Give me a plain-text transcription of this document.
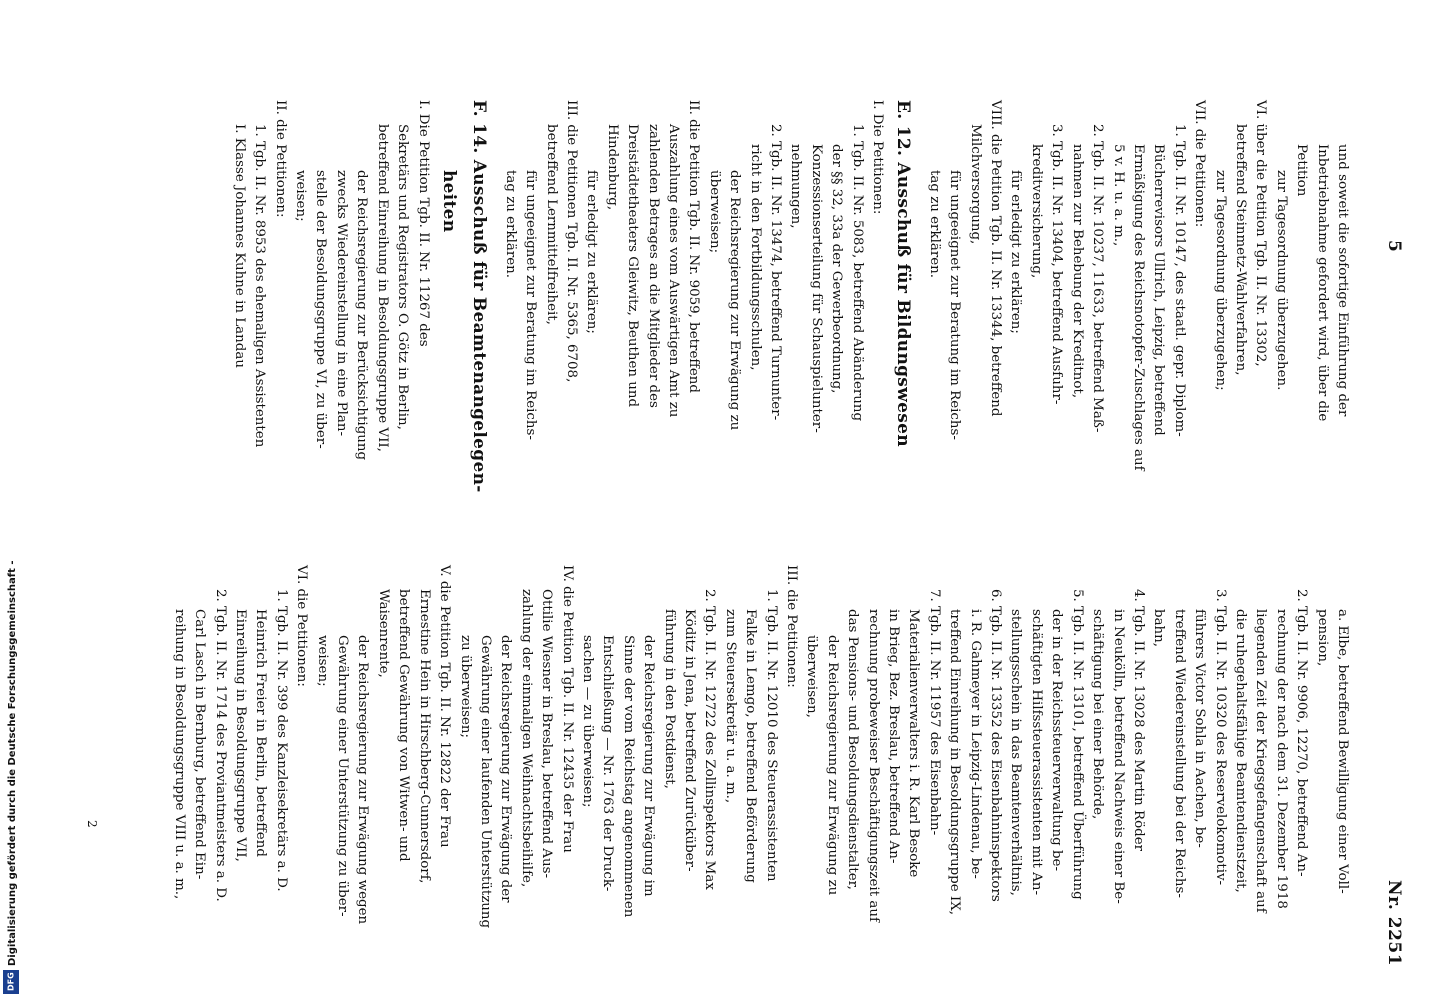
5
Nr. 2251
und soweit die sofortige Einführung der
Inbetriebnahme gefordert wird, über die
Petition
zur Tagesordnung überzugehen.
VI. über die Petition Tgb. II. Nr. 13302,
betreffend Steinmetz-Wahlverfahren,
zur Tagesordnung überzugehen;
VII. die Petitionen:
1. Tgb. II. Nr. 10147, des staatl. gepr. Diplom-
Bücherrevisors Ullrich, Leipzig, betreffend
Ermäßigung des Reichsnotopfer-Zuschlages auf
5 v. H. u. a. m.,
2. Tgb. II. Nr. 10237, 11633, betreffend Maß-
nahmen zur Behebung der Kreditnot,
3. Tgb. II. Nr. 13404, betreffend Ausfuhr-
kreditversicherung,
für erledigt zu erklären;
VIII. die Petition Tgb. II. Nr. 13344, betreffend
Milchversorgung,
für ungeeignet zur Beratung im Reichs-
tag zu erklären.
E. 12. Ausschuß für Bildungswesen
I. Die Petitionen:
1. Tgb. II. Nr. 5083, betreffend Abänderung
der §§ 32, 33a der Gewerbeordnung,
Konzessionserteilung für Schauspielunter-
nehmungen,
2. Tgb. II. Nr. 13474, betreffend Turnunter-
richt in den Fortbildungsschulen,
der Reichsregierung zur Erwägung zu
überweisen;
II. die Petition Tgb. II. Nr. 9059, betreffend
Auszahlung eines vom Auswärtigen Amt zu
zahlenden Betrages an die Mitglieder des
Dreistädtetheaters Gleiwitz, Beuthen und
Hindenburg,
für erledigt zu erklären;
III. die Petitionen Tgb. II. Nr. 5365, 6708,
betreffend Lernmittelfreiheit,
für ungeeignet zur Beratung im Reichs-
tag zu erklären.
F. 14. Ausschuß für Beamtenangelegen-
heiten
I. Die Petition Tgb. II. Nr. 11267 des
Sekretärs und Registrators O. Götz in Berlin,
betreffend Einreihung in Besoldungsgruppe VII,
der Reichsregierung zur Berücksichtigung
zwecks Wiedereinstellung in eine Plan-
stelle der Besoldungsgruppe VI, zu über-
weisen;
II. die Petitionen:
1. Tgb. II. Nr. 8953 des ehemaligen Assistenten
I. Klasse Johannes Kuhne in Landau
a. Elbe, betreffend Bewilligung einer Voll-
pension,
2. Tgb. II. Nr. 9906, 12270, betreffend An-
rechnung der nach dem 31. Dezember 1918
liegenden Zeit der Kriegsgefangenschaft auf
die ruhegehaltsfähige Beamtendienstzeit,
3. Tgb. II. Nr. 10320 des Reservelokomotiv-
führers Victor Sohla in Aachen, be-
treffend Wiedereinstellung bei der Reichs-
bahn,
4. Tgb. II. Nr. 13028 des Martin Röder
in Neukölln, betreffend Nachweis einer Be-
schäftigung bei einer Behörde,
5. Tgb. II. Nr. 13101, betreffend Überführung
der in der Reichssteuerverwaltung be-
schäftigten Hilfssteuerassistenten mit An-
stellungsschein in das Beamtenverhältnis,
6. Tgb. II. Nr. 13352 des Eisenbahninspektors
i. R. Gahmeyer in Leipzig-Lindenau, be-
treffend Einreihung in Besoldungsgruppe IX,
7. Tgb. II. Nr. 11957 des Eisenbahn-
Materialienverwalters i. R. Karl Besoke
in Brieg, Bez. Breslau, betreffend An-
rechnung probeweiser Beschäftigungszeit auf
das Pensions- und Besoldungsdienstalter,
der Reichsregierung zur Erwägung zu
überweisen,
III. die Petitionen:
1. Tgb. II. Nr. 12010 des Steuerassistenten
Falke in Lemgo, betreffend Beförderung
zum Steuersekretär u. a. m.,
2. Tgb. II. Nr. 12722 des Zollinspektors Max
Köditz in Jena, betreffend Zurücküber-
führung in den Postdienst,
der Reichsregierung zur Erwägung im
Sinne der vom Reichstag angenommenen
Entschließung — Nr. 1763 der Druck-
sachen — zu überweisen;
IV. die Petition Tgb. II. Nr. 12435 der Frau
Ottilie Wiesner in Breslau, betreffend Aus-
zahlung der einmaligen Weihnachtsbeihilfe,
der Reichsregierung zur Erwägung der
Gewährung einer laufenden Unterstützung
zu überweisen;
V. die Petition Tgb. II. Nr. 12822 der Frau
Ernestine Hein in Hirschberg-Cunnersdorf,
betreffend Gewährung von Witwen- und
Waisenrente,
der Reichsregierung zur Erwägung wegen
Gewährung einer Unterstützung zu über-
weisen;
VI. die Petitionen:
1. Tgb. II. Nr. 399 des Kanzleisekretärs a. D.
Heinrich Freier in Berlin, betreffend
Einreihung in Besoldungsgruppe VII,
2. Tgb. II. Nr. 1714 des Proviantmeisters a. D.
Carl Lasch in Bernburg, betreffend Ein-
reihung in Besoldungsgruppe VIII u. a. m.,
2
Digitalisierung gefördert durch die Deutsche Forschungsgemeinschaft -
DFG
